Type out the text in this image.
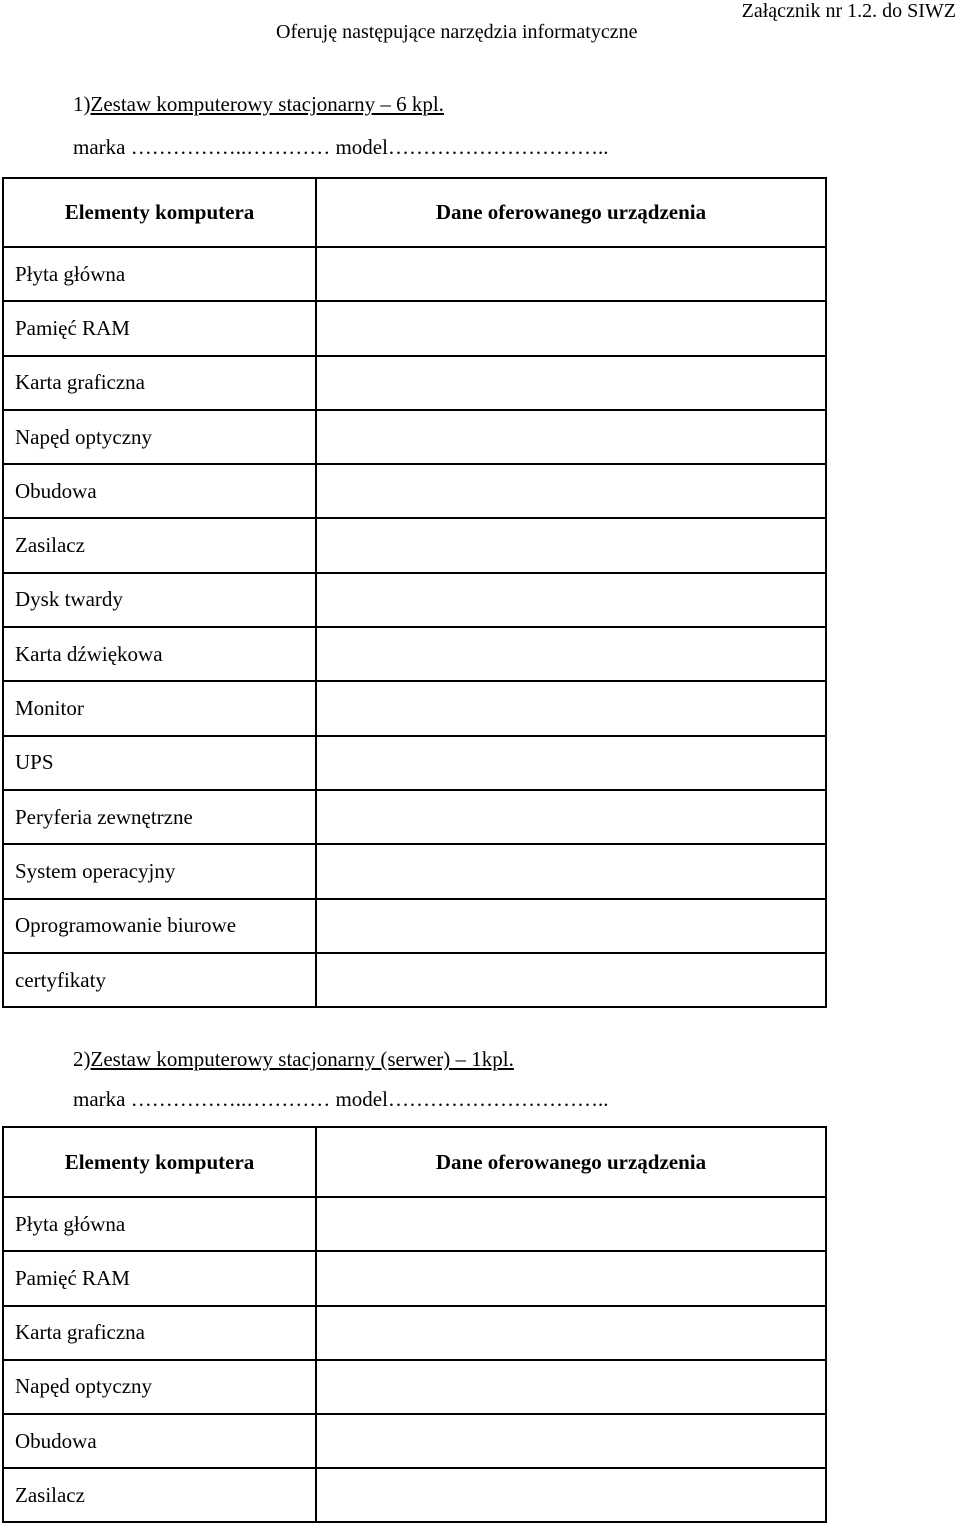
Załącznik nr 1.2. do SIWZ
Oferuję następujące narzędzia informatyczne
1)Zestaw komputerowy stacjonarny – 6 kpl.
marka ……………..………… model…………………………..
Elementy komputera	Dane oferowanego urządzenia
Płyta główna	
Pamięć RAM	
Karta graficzna	
Napęd optyczny	
Obudowa	
Zasilacz	
Dysk twardy	
Karta dźwiękowa	
Monitor	
UPS	
Peryferia zewnętrzne	
System operacyjny	
Oprogramowanie biurowe	
certyfikaty	
2)Zestaw komputerowy stacjonarny (serwer) – 1kpl.
marka ……………..………… model…………………………..
Elementy komputera	Dane oferowanego urządzenia
Płyta główna	
Pamięć RAM	
Karta graficzna	
Napęd optyczny	
Obudowa	
Zasilacz	
